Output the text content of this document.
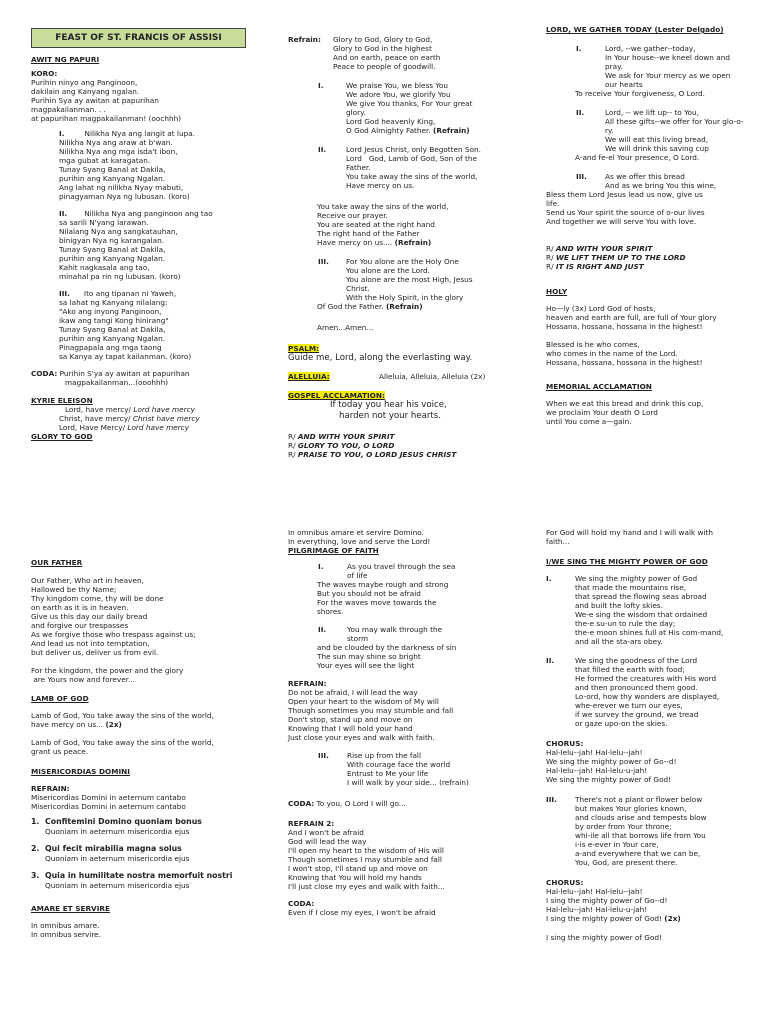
FEAST OF ST. FRANCIS OF ASSISI
AWIT NG PAPURI
KORO:
Purihin ninyo ang Panginoon,
dakilain ang Kanyang ngalan.
Purihin Sya ay awitan at papurihan
magpakailanman. . .
at papurihan magpakailanman! (oochhh)
I.	Nilikha Nya ang langit at lupa.
Nilikha Nya ang araw at b'wan.
Nilikha Nya ang mga isda't ibon,
mga gubat at karagatan.
Tunay Syang Banal at Dakila,
purihin ang Kanyang Ngalan.
Ang lahat ng nilikha Nyay mabuti,
pinagyaman Nya ng lubusan. (koro)
II. Nilikha Nya ang panginoon ang tao
sa sarili N'yang larawan.
Nilalang Nya ang sangkatauhan,
binigyan Nya ng karangalan.
Tunay Syang Banal at Dakila,
purihin ang Kanyang Ngalan.
Kahit nagkasala ang tao,
minahal pa rin ng lubusan. (koro)
III. Ito ang tipanan ni Yaweh,
sa lahat ng Kanyang nilalang:
"Ako ang inyong Panginoon,
ikaw ang tangi Kong hinirang"
Tunay Syang Banal at Dakila,
purihin ang Kanyang Ngalan.
Pinagpapala ang mga taong
sa Kanya ay tapat kailanman. (koro)
CODA: Purihin S'ya ay awitan at papurihan
magpakailanman...(ooohhh)
KYRIE ELEISON
Lord, have mercy/ Lord have mercy
Christ, have mercy/ Christ have mercy
Lord, Have Mercy/ Lord have mercy
GLORY TO GOD
Refrain: Glory to God, Glory to God,
Glory to God in the highest
And on earth, peace on earth
Peace to people of goodwill.
I.	We praise You, we bless You
We adore You, we glorify You
We give You thanks, For Your great
glory.
Lord God heavenly King,
O God Almighty Father. (Refrain)
II.	Lord Jesus Christ, only Begotten Son.
Lord   God, Lamb of God, Son of the
Father.
You take away the sins of the world,
Have mercy on us.
You take away the sins of the world,
Receive our prayer.
You are seated at the right hand
The right hand of the Father
Have mercy on us.... (Refrain)
III. For You alone are the Holy One
You alone are the Lord.
You alone are the most High, Jesus
Christ.
With the Holy Spirit, in the glory
Of God the Father. (Refrain)
Amen...Amen...
PSALM:
Guide me, Lord, along the everlasting way.
ALELLUIA:	Alleluia, Alleluia, Alleluia (2x)
GOSPEL ACCLAMATION:
If today you hear his voice,
harden not your hearts.
R/ AND WITH YOUR SPIRIT
R/ GLORY TO YOU, O LORD
R/ PRAISE TO YOU, O LORD JESUS CHRIST
LORD, WE GATHER TODAY (Lester Delgado)
I.	Lord, --we gather--today,
In Your house--we kneel down and
pray.
We ask for Your mercy as we open
our hearts
To receive Your forgiveness, O Lord.
II.	Lord, -- we lift up-- to You,
All these gifts--we offer for Your glo-o-
ry.
We will eat this living bread,
We will drink this saving cup
A-and fe-el Your presence, O Lord.
III. As we offer this bread
And as we bring You this wine,
Bless them Lord Jesus lead us now, give us
life.
Send us Your spirit the source of o-our lives
And together we will serve You with love.
R/ AND WITH YOUR SPIRIT
R/ WE LIFT THEM UP TO THE LORD
R/ IT IS RIGHT AND JUST
HOLY
Ho—ly (3x) Lord God of hosts,
heaven and earth are full, are full of Your glory
Hossana, hossana, hossana in the highest!
Blessed is he who comes,
who comes in the name of the Lord.
Hossana, hossana, hossana in the highest!
MEMORIAL ACCLAMATION
When we eat this bread and drink this cup,
we proclaim Your death O Lord
until You come a—gain.
OUR FATHER
Our Father, Who art in heaven,
Hallowed be thy Name;
Thy kingdom come, thy will be done
on earth as it is in heaven.
Give us this day our daily bread
and forgive our trespasses
As we forgive those who trespass against us;
And lead us not into temptation,
but deliver us, deliver us from evil.
For the kingdom, the power and the glory
are Yours now and forever...
LAMB OF GOD
Lamb of God, You take away the sins of the world,
have mercy on us... (2x)
Lamb of God, You take away the sins of the world,
grant us peace.
MISERICORDIAS DOMINI
REFRAIN:
Misericordias Domini in aeternum cantabo
Misericordias Domini in aeternum cantabo
1. Confitemini Domino quoniam bonus
Quoniam in aeternum misericordia ejus
2. Qui fecit mirabilia magna solus
Quoniam in aeternum misericordia ejus
3. Quia in humilitate nostra memorfuit nostri
Quoniam in aeternum misericordia ejus
AMARE ET SERVIRE
In omnibus amare.
In omnibus servire.
In omnibus amare et servire Domino.
In everything, love and serve the Lord!
PILGRIMAGE OF FAITH
I.	As you travel through the sea
of life
The waves maybe rough and strong
But you should not be afraid
For the waves move towards the
shores.
II.	You may walk through the
storm
and be clouded by the darkness of sin
The sun may shine so bright
Your eyes will see the light
REFRAIN:
Do not be afraid, I will lead the way
Open your heart to the wisdom of My will
Though sometimes you may stumble and fall
Don't stop, stand up and move on
Knowing that I will hold your hand
Just close your eyes and walk with faith.
III. Rise up from the fall
With courage face the world
Entrust to Me your life
I will walk by your side... (refrain)
CODA: To you, O Lord I will go...
REFRAIN 2:
And I won't be afraid
God will lead the way
I'll open my heart to the wisdom of His will
Though sometimes I may stumble and fall
I won't stop, I'll stand up and move on
Knowing that You will hold my hands
I'll just close my eyes and walk with faith...
CODA:
Even if I close my eyes, I won't be afraid
For God will hold my hand and I will walk with
faith...
I/WE SING THE MIGHTY POWER OF GOD
I.	We sing the mighty power of God
that made the mountains rise,
that spread the flowing seas abroad
and built the lofty skies.
We-e sing the wisdom that ordained
the-e su-un to rule the day;
the-e moon shines full at His com-mand,
and all the sta-ars obey.
II.	We sing the goodness of the Lord
that filled the earth with food;
He formed the creatures with His word
and then pronounced them good.
Lo-ord, how thy wonders are displayed,
whe-erever we turn our eyes,
if we survey the ground, we tread
or gaze upo-on the skies.
CHORUS:
Hal-lelu--jah! Hal-lelu--jah!
We sing the mighty power of Go--d!
Hal-lelu--jah! Hal-lelu-u-jah!
We sing the mighty power of God!
III. There's not a plant or flower below
but makes Your glories known,
and clouds arise and tempests blow
by order from Your throne;
whi-ile all that borrows life from You
i-is e-ever in Your care,
a-and everywhere that we can be,
You, God, are present there.
CHORUS:
Hal-lelu--jah! Hal-lelu--jah!
I sing the mighty power of Go--d!
Hal-lelu--jah! Hal-lelu-u-jah!
I sing the mighty power of God! (2x)
I sing the mighty power of God!
